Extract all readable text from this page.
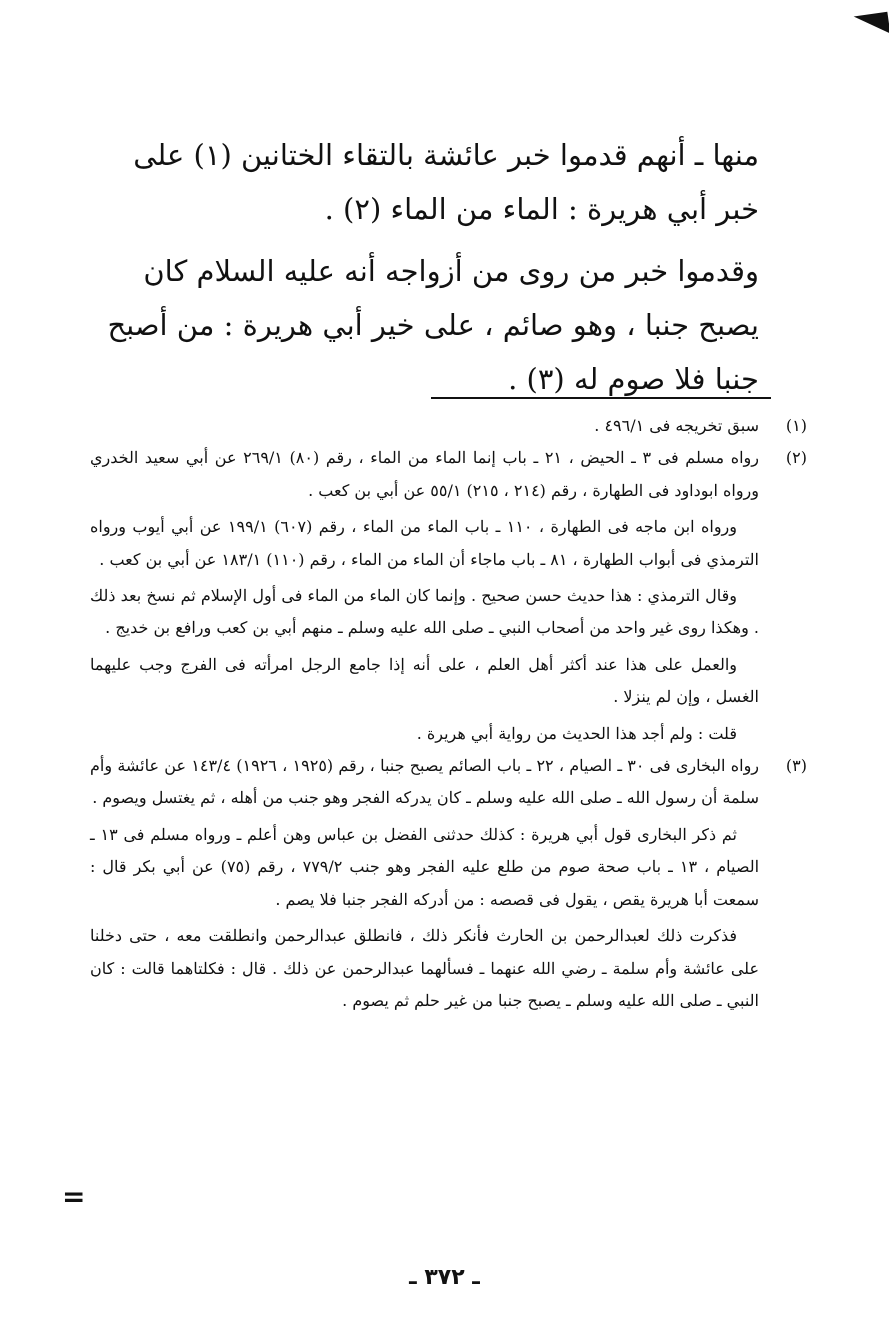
=

منها ـ أنهم قدموا خبر عائشة بالتقاء الختانين (١) على خبر أبي هريرة : الماء من الماء (٢) .

وقدموا خبر من روى من أزواجه أنه عليه السلام كان يصبح جنبا ، وهو صائم ، على خير أبي هريرة : من أصبح جنبا فلا صوم له (٣) .

(١)

سبق تخريجه فى ٤٩٦/١ .

(٢)

رواه مسلم فى ٣ ـ الحيض ، ٢١ ـ باب إنما الماء من الماء ، رقم (٨٠) ٢٦٩/١ عن أبي سعيد الخدري ورواه ابوداود فى الطهارة ، رقم (٢١٤ ، ٢١٥) ٥٥/١ عن أبي بن كعب .

ورواه ابن ماجه فى الطهارة ، ١١٠ ـ باب الماء من الماء ، رقم (٦٠٧) ١٩٩/١ عن أبي أيوب ورواه الترمذي فى أبواب الطهارة ، ٨١ ـ باب ماجاء أن الماء من الماء ، رقم (١١٠) ١٨٣/١ عن أبي بن كعب .

وقال الترمذي : هذا حديث حسن صحيح . وإنما كان الماء من الماء فى أول الإسلام ثم نسخ بعد ذلك . وهكذا روى غير واحد من أصحاب النبي ـ صلى الله عليه وسلم ـ منهم أبي بن كعب ورافع بن خديج .

والعمل على هذا عند أكثر أهل العلم ، على أنه إذا جامع الرجل امرأته فى الفرج وجب عليهما الغسل ، وإن لم ينزلا .

قلت : ولم أجد هذا الحديث من رواية أبي هريرة .

(٣)

رواه البخارى فى ٣٠ ـ الصيام ، ٢٢ ـ باب الصائم يصبح جنبا ، رقم (١٩٢٥ ، ١٩٢٦) ١٤٣/٤ عن عائشة وأم سلمة أن رسول الله ـ صلى الله عليه وسلم ـ كان يدركه الفجر وهو جنب من أهله ، ثم يغتسل ويصوم .

ثم ذكر البخارى قول أبي هريرة : كذلك حدثنى الفضل بن عباس وهن أعلم ـ ورواه مسلم فى ١٣ ـ الصيام ، ١٣ ـ باب صحة صوم من طلع عليه الفجر وهو جنب ٧٧٩/٢ ، رقم (٧٥) عن أبي بكر قال : سمعت أبا هريرة يقص ، يقول فى قصصه : من أدركه الفجر جنبا فلا يصم .

فذكرت ذلك لعبدالرحمن بن الحارث فأنكر ذلك ، فانطلق عبدالرحمن وانطلقت معه ، حتى دخلنا على عائشة وأم سلمة ـ رضي الله عنهما ـ فسألهما عبدالرحمن عن ذلك . قال : فكلتاهما قالت : كان النبي ـ صلى الله عليه وسلم ـ يصبح جنبا من غير حلم ثم يصوم .

ـ ٣٧٢ ـ
